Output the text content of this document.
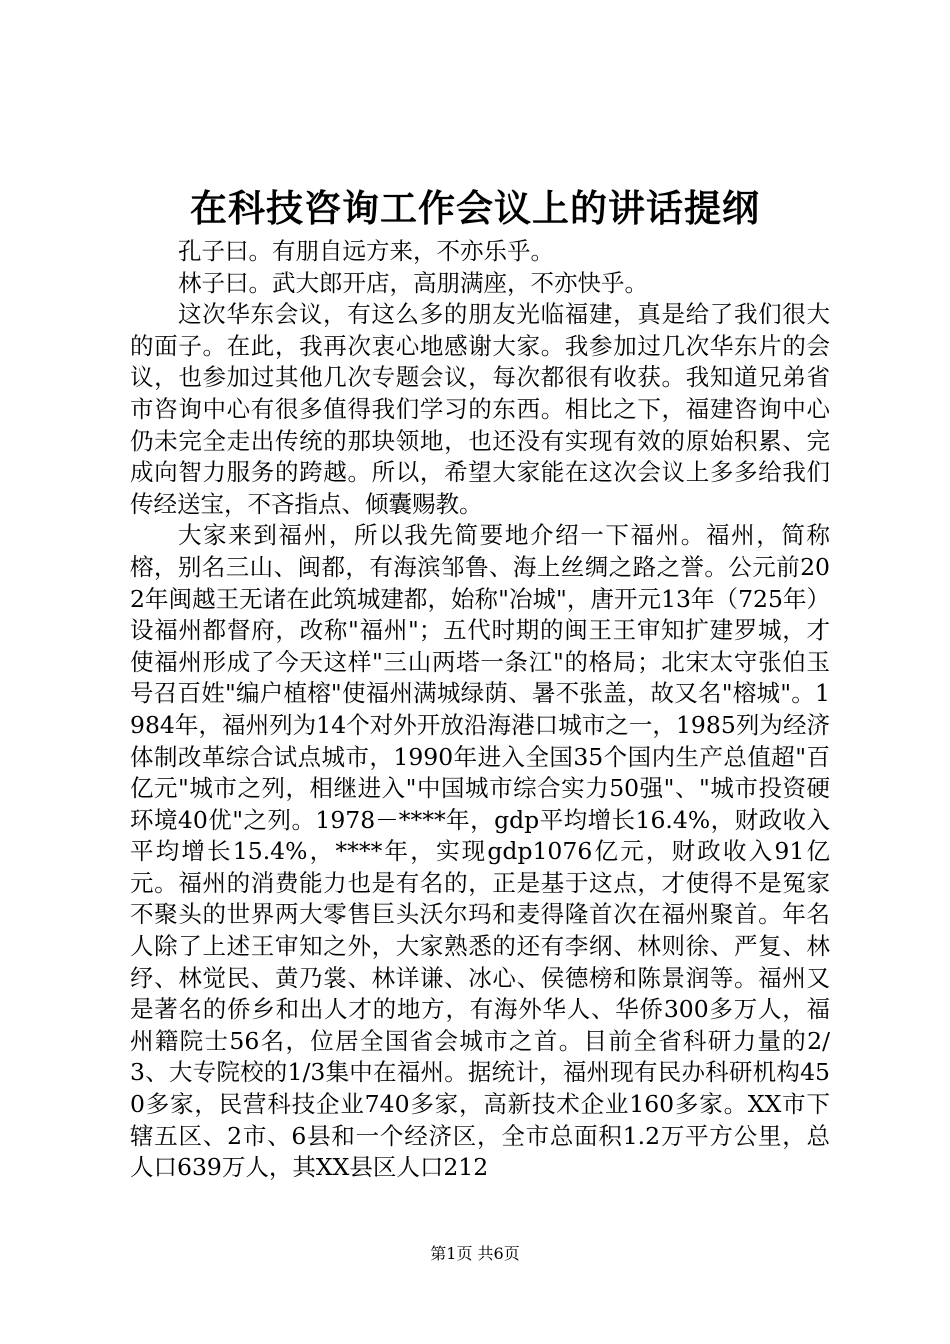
在科技咨询工作会议上的讲话提纲

孔子曰。有朋自远方来，不亦乐乎。

林子曰。武大郎开店，高朋满座，不亦快乎。

这次华东会议，有这么多的朋友光临福建，真是给了我们很大的面子。在此，我再次衷心地感谢大家。我参加过几次华东片的会议，也参加过其他几次专题会议，每次都很有收获。我知道兄弟省市咨询中心有很多值得我们学习的东西。相比之下，福建咨询中心仍未完全走出传统的那块领地，也还没有实现有效的原始积累、完成向智力服务的跨越。所以，希望大家能在这次会议上多多给我们传经送宝，不吝指点、倾囊赐教。

大家来到福州，所以我先简要地介绍一下福州。福州，简称榕，别名三山、闽都，有海滨邹鲁、海上丝绸之路之誉。公元前202年闽越王无诸在此筑城建都，始称"冶城"，唐开元13年（725年）设福州都督府，改称"福州"；五代时期的闽王王审知扩建罗城，才使福州形成了今天这样"三山两塔一条江"的格局；北宋太守张伯玉号召百姓"编户植榕"使福州满城绿荫、暑不张盖，故又名"榕城"。1984年，福州列为14个对外开放沿海港口城市之一，1985列为经济体制改革综合试点城市，1990年进入全国35个国内生产总值超"百亿元"城市之列，相继进入"中国城市综合实力50强"、"城市投资硬环境40优"之列。1978－****年，gdp平均增长16.4%，财政收入平均增长15.4%，****年，实现gdp1076亿元，财政收入91亿元。福州的消费能力也是有名的，正是基于这点，才使得不是冤家不聚头的世界两大零售巨头沃尔玛和麦得隆首次在福州聚首。年名人除了上述王审知之外，大家熟悉的还有李纲、林则徐、严复、林纾、林觉民、黄乃裳、林详谦、冰心、侯德榜和陈景润等。福州又是著名的侨乡和出人才的地方，有海外华人、华侨300多万人，福州籍院士56名，位居全国省会城市之首。目前全省科研力量的2/3、大专院校的1/3集中在福州。据统计，福州现有民办科研机构450多家，民营科技企业740多家，高新技术企业160多家。XX市下辖五区、2市、6县和一个经济区，全市总面积1.2万平方公里，总人口639万人，其XX县区人口212

第1页 共6页
